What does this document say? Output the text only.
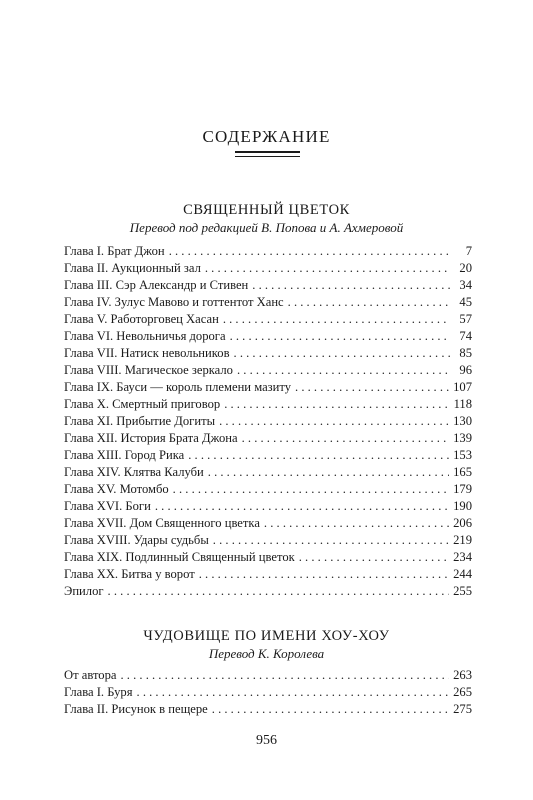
СОДЕРЖАНИЕ
СВЯЩЕННЫЙ ЦВЕТОК
Перевод под редакцией В. Попова и А. Ахмеровой
Глава I. Брат Джон . . .	7
Глава II. Аукционный зал . . .	20
Глава III. Сэр Александр и Стивен . . .	34
Глава IV. Зулус Мавово и готтентот Ханс . . .	45
Глава V. Работорговец Хасан . . .	57
Глава VI. Невольничья дорога . . .	74
Глава VII. Натиск невольников . . .	85
Глава VIII. Магическое зеркало . . .	96
Глава IX. Бауси — король племени мазиту . . .	107
Глава X. Смертный приговор . . .	118
Глава XI. Прибытие Догиты . . .	130
Глава XII. История Брата Джона . . .	139
Глава XIII. Город Рика . . .	153
Глава XIV. Клятва Калуби . . .	165
Глава XV. Мотомбо . . .	179
Глава XVI. Боги . . .	190
Глава XVII. Дом Священного цветка . . .	206
Глава XVIII. Удары судьбы . . .	219
Глава XIX. Подлинный Священный цветок . . .	234
Глава XX. Битва у ворот . . .	244
Эпилог . . .	255
ЧУДОВИЩЕ ПО ИМЕНИ ХОУ-ХОУ
Перевод К. Королева
От автора . . .	263
Глава I. Буря . . .	265
Глава II. Рисунок в пещере . . .	275
956
